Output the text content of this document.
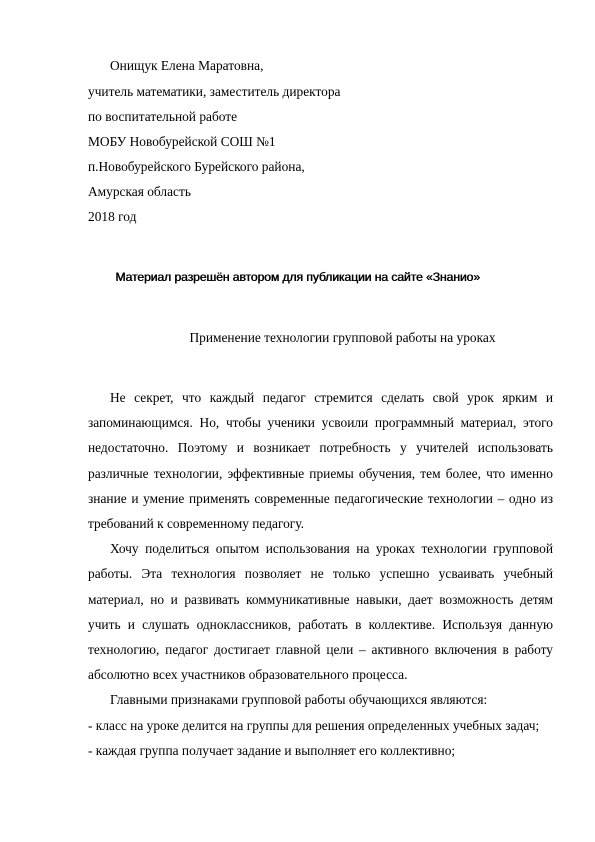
Онищук Елена Маратовна,
учитель математики, заместитель директора
по воспитательной работе
МОБУ Новобурейской СОШ №1
п.Новобурейского Бурейского района,
Амурская область
2018 год
Материал разрешён автором для публикации на сайте «Знанио»
Применение технологии групповой работы на уроках

Не секрет, что каждый педагог стремится сделать свой урок ярким и запоминающимся. Но, чтобы ученики усвоили программный материал, этого недостаточно. Поэтому и возникает потребность у учителей использовать различные технологии, эффективные приемы обучения, тем более, что именно знание и умение применять современные педагогические технологии – одно из требований к современному педагогу.

Хочу поделиться опытом использования на уроках технологии групповой работы. Эта технология позволяет не только успешно усваивать учебный материал, но и развивать коммуникативные навыки, дает возможность детям учить и слушать одноклассников, работать в коллективе. Используя данную технологию, педагог достигает главной цели – активного включения в работу абсолютно всех участников образовательного процесса.

Главными признаками групповой работы обучающихся являются:

- класс на уроке делится на группы для решения определенных учебных задач;

- каждая группа получает задание и выполняет его коллективно;
